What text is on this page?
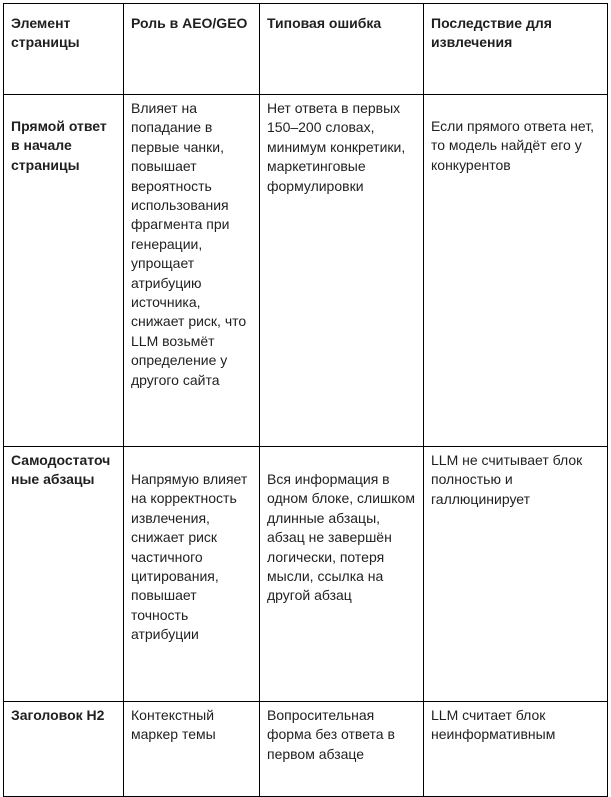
Элемент страницы	Роль в AEO/GEO	Типовая ошибка	Последствие для извлечения

Прямой ответ в начале страницы	Влияет на попадание в первые чанки, повышает вероятность использования фрагмента при генерации, упрощает атрибуцию источника, снижает риск, что LLM возьмёт определение у другого сайта	Нет ответа в первых 150–200 словах, минимум конкретики, маркетинговые формулировки	Если прямого ответа нет, то модель найдёт его у конкурентов

Самодостаточные абзацы	Напрямую влияет на корректность извлечения, снижает риск частичного цитирования, повышает точность атрибуции	Вся информация в одном блоке, слишком длинные абзацы, абзац не завершён логически, потеря мысли, ссылка на другой абзац	LLM не считывает блок полностью и галлюцинирует

Заголовок H2	Контекстный маркер темы	Вопросительная форма без ответа в первом абзаце	LLM считает блок неинформативным
